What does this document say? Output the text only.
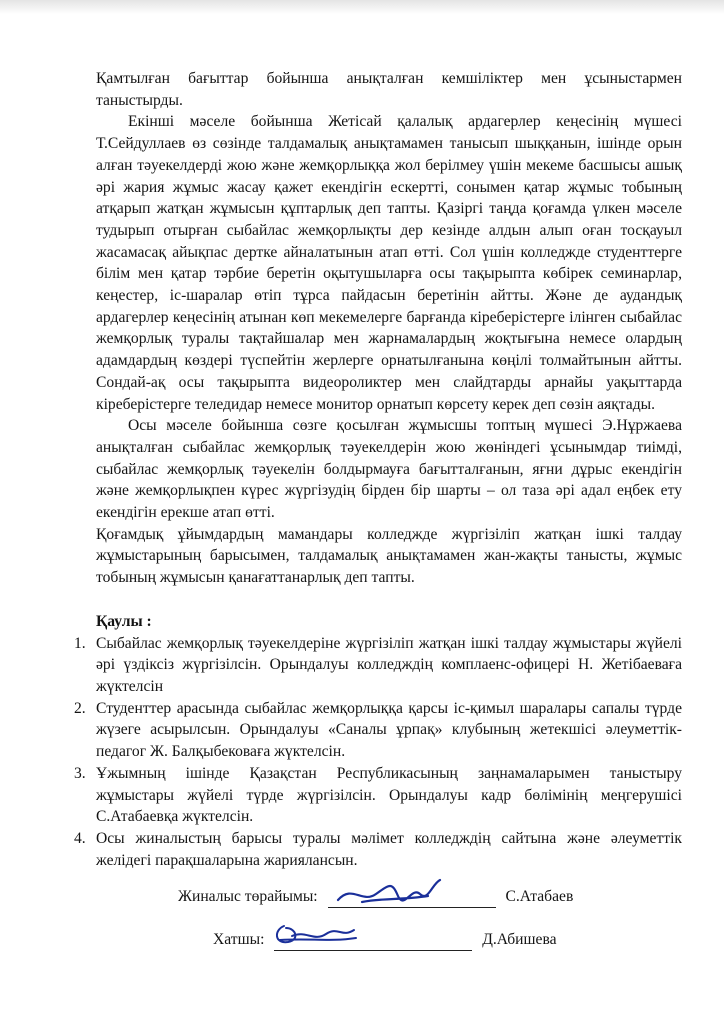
Қамтылған бағыттар бойынша анықталған кемшіліктер мен ұсыныстармен таныстырды.

Екінші мәселе бойынша Жетісай қалалық ардагерлер кеңесінің мүшесі Т.Сейдуллаев өз сөзінде талдамалық анықтамамен танысып шыққанын, ішінде орын алған тәуекелдерді жою және жемқорлыққа жол берілмеу үшін мекеме басшысы ашық әрі жария жұмыс жасау қажет екендігін ескертті, сонымен қатар жұмыс тобының атқарып жатқан жұмысын құптарлық деп тапты. Қазіргі таңда қоғамда үлкен мәселе тудырып отырған сыбайлас жемқорлықты дер кезінде алдын алып оған тосқауыл жасамасақ айықпас дертке айналатынын атап өтті. Сол үшін колледжде студенттерге білім мен қатар тәрбие беретін оқытушыларға осы тақырыпта көбірек семинарлар, кеңестер, іс-шаралар өтіп тұрса пайдасын беретінін айтты. Және де аудандық ардагерлер кеңесінің атынан көп мекемелерге барғанда кіреберістерге ілінген сыбайлас жемқорлық туралы тақтайшалар мен жарнамалардың жоқтығына немесе олардың адамдардың көздері түспейтін жерлерге орнатылғанына көңілі толмайтынын айтты. Сондай-ақ осы тақырыпта видеороликтер мен слайдтарды арнайы уақыттарда кіреберістерге теледидар немесе монитор орнатып көрсету керек деп сөзін аяқтады.

Осы мәселе бойынша сөзге қосылған жұмысшы топтың мүшесі Э.Нұржаева анықталған сыбайлас жемқорлық тәуекелдерін жою жөніндегі ұсынымдар тиімді, сыбайлас жемқорлық тәуекелін болдырмауға бағытталғанын, яғни дұрыс екендігін және жемқорлықпен күрес жүргізудің бірден бір шарты – ол таза әрі адал еңбек ету екендігін ерекше атап өтті.

Қоғамдық ұйымдардың мамандары колледжде жүргізіліп жатқан ішкі талдау жұмыстарының барысымен, талдамалық анықтамамен жан-жақты танысты, жұмыс тобының жұмысын қанағаттанарлық деп тапты.

Қаулы :

1. Сыбайлас жемқорлық тәуекелдеріне жүргізіліп жатқан ішкі талдау жұмыстары жүйелі әрі үздіксіз жүргізілсін. Орындалуы колледждің комплаенс-офицері Н. Жетібаеваға жүктелсін
2. Студенттер арасында сыбайлас жемқорлыққа қарсы іс-қимыл шаралары сапалы түрде жүзеге асырылсын. Орындалуы «Саналы ұрпақ» клубының жетекшісі әлеуметтік-педагог Ж. Балқыбековаға жүктелсін.
3. Ұжымның ішінде Қазақстан Республикасының заңнамаларымен таныстыру жұмыстары жүйелі түрде жүргізілсін. Орындалуы кадр бөлімінің меңгерушісі С.Атабаевқа жүктелсін.
4. Осы жиналыстың барысы туралы мәлімет колледждің сайтына және әлеуметтік желідегі парақшаларына жариялансын.
Жиналыс төрайымы:	С.Атабаев
Хатшы:	Д.Абишева
